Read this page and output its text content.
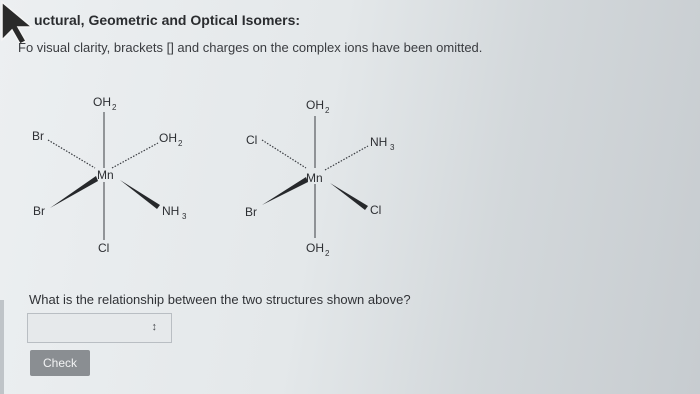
uctural, Geometric and Optical Isomers:
Fo visual clarity, brackets [] and charges on the complex ions have been omitted.
OH 2
Br	OH 2
Mn
Br	NH 3
Cl
OH 2
Cl	NH 3
Mn
Br	Cl
OH 2
What is the relationship between the two structures shown above?
↕
Check
